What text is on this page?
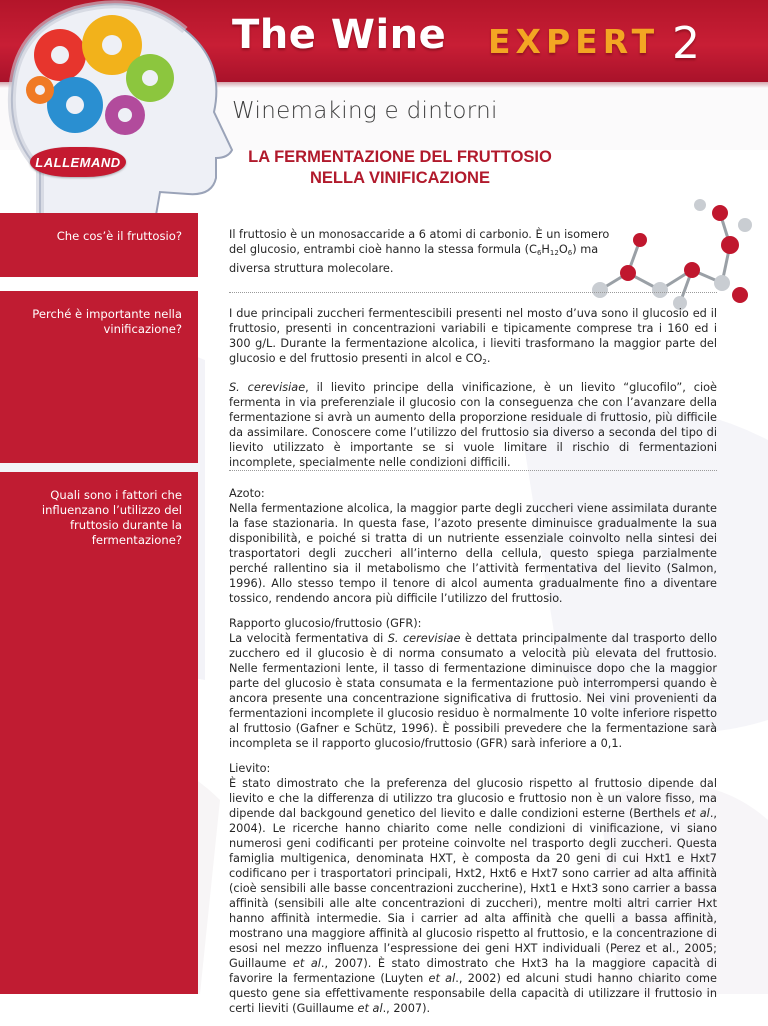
The Wine EXPERT 2
Winemaking e dintorni
LALLEMAND	LA FERMENTAZIONE DEL FRUTTOSIO
NELLA VINIFICAZIONE
Che cos’è il fruttosio?	Il fruttosio è un monosaccaride a 6 atomi di carbonio. È un isomero del glucosio, entrambi cioè hanno la stessa formula $(C_6H_{12}O_6)$ ma diversa struttura molecolare.

Perché è importante nella vinificazione?

I due principali zuccheri fermentescibili presenti nel mosto d’uva sono il glucosio ed il fruttosio, presenti in concentrazioni variabili e tipicamente comprese tra i 160 ed i 300 g/L. Durante la fermentazione alcolica, i lieviti trasformano la maggior parte del glucosio e del fruttosio presenti in alcol e $CO_2$.

S. cerevisiae, il lievito principe della vinificazione, è un lievito “glucofilo”, cioè fermenta in via preferenziale il glucosio con la conseguenza che con l’avanzare della fermentazione si avrà un aumento della proporzione residuale di fruttosio, più difficile da assimilare. Conoscere come l’utilizzo del fruttosio sia diverso a seconda del tipo di lievito utilizzato è importante se si vuole limitare il rischio di fermentazioni incomplete, specialmente nelle condizioni difficili.

Quali sono i fattori che influenzano l’utilizzo del fruttosio durante la fermentazione?
Azoto:

Nella fermentazione alcolica, la maggior parte degli zuccheri viene assimilata durante la fase stazionaria. In questa fase, l’azoto presente diminuisce gradualmente la sua disponibilità, e poiché si tratta di un nutriente essenziale coinvolto nella sintesi dei trasportatori degli zuccheri all’interno della cellula, questo spiega parzialmente perché rallentino sia il metabolismo che l’attività fermentativa del lievito (Salmon, 1996). Allo stesso tempo il tenore di alcol aumenta gradualmente fino a diventare tossico, rendendo ancora più difficile l’utilizzo del fruttosio.

Rapporto glucosio/fruttosio (GFR):

La velocità fermentativa di S. cerevisiae è dettata principalmente dal trasporto dello zucchero ed il glucosio è di norma consumato a velocità più elevata del fruttosio. Nelle fermentazioni lente, il tasso di fermentazione diminuisce dopo che la maggior parte del glucosio è stata consumata e la fermentazione può interrompersi quando è ancora presente una concentrazione significativa di fruttosio. Nei vini provenienti da fermentazioni incomplete il glucosio residuo è normalmente 10 volte inferiore rispetto al fruttosio (Gafner e Schütz, 1996). È possibili prevedere che la fermentazione sarà incompleta se il rapporto glucosio/fruttosio (GFR) sarà inferiore a 0,1.

Lievito:

È stato dimostrato che la preferenza del glucosio rispetto al fruttosio dipende dal lievito e che la differenza di utilizzo tra glucosio e fruttosio non è un valore fisso, ma dipende dal backgound genetico del lievito e dalle condizioni esterne (Berthels et al., 2004). Le ricerche hanno chiarito come nelle condizioni di vinificazione, vi siano numerosi geni codificanti per proteine coinvolte nel trasporto degli zuccheri. Questa famiglia multigenica, denominata HXT, è composta da 20 geni di cui Hxt1 e Hxt7 codificano per i trasportatori principali, Hxt2, Hxt6 e Hxt7 sono carrier ad alta affinità (cioè sensibili alle basse concentrazioni zuccherine), Hxt1 e Hxt3 sono carrier a bassa affinità (sensibili alle alte concentrazioni di zuccheri), mentre molti altri carrier Hxt hanno affinità intermedie. Sia i carrier ad alta affinità che quelli a bassa affinità, mostrano una maggiore affinità al glucosio rispetto al fruttosio, e la concentrazione di esosi nel mezzo influenza l’espressione dei geni HXT individuali (Perez et al., 2005; Guillaume et al., 2007). È stato dimostrato che Hxt3 ha la maggiore capacità di favorire la fermentazione (Luyten et al., 2002) ed alcuni studi hanno chiarito come questo gene sia effettivamente responsabile della capacità di utilizzare il fruttosio in certi lieviti (Guillaume et al., 2007).
